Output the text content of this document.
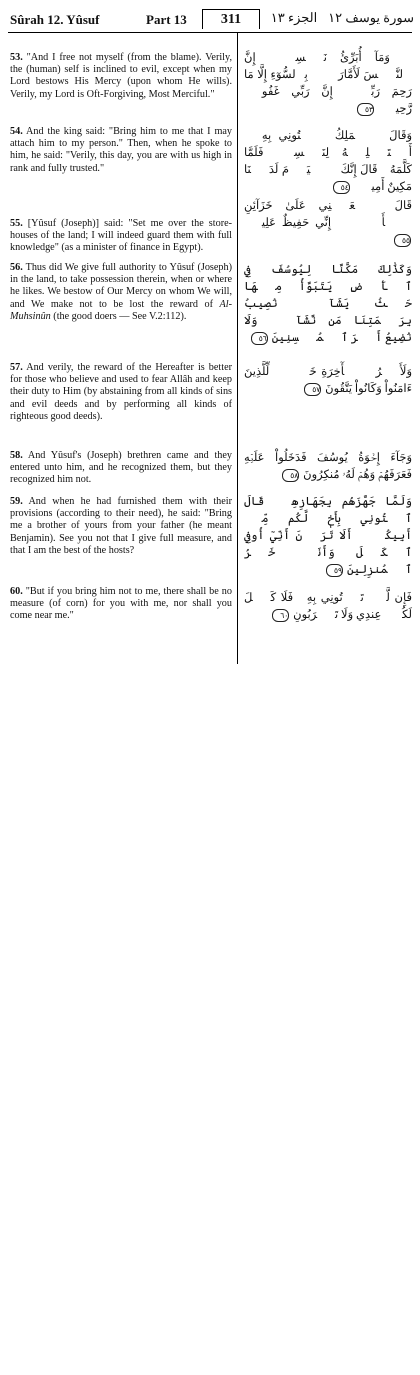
Sûrah 12. Yûsuf	Part 13	311	الجزء ١٣ سورة يوسف ١٢

53. "And I free not myself (from the blame). Verily, the (human) self is inclined to evil, except when my Lord bestows His Mercy (upon whom He wills). Verily, my Lord is Oft-Forgiving, Most Merciful."

54. And the king said: "Bring him to me that I may attach him to my person." Then, when he spoke to him, he said: "Verily, this day, you are with us high in rank and fully trusted."

55. [Yûsuf (Joseph)] said: "Set me over the store-houses of the land; I will indeed guard them with full knowledge" (as a minister of finance in Egypt).

56. Thus did We give full authority to Yûsuf (Joseph) in the land, to take possession therein, when or where he likes. We bestow of Our Mercy on whom We will, and We make not to be lost the reward of Al-Muhsinûn (the good doers — See V.2:112).

57. And verily, the reward of the Hereafter is better for those who believe and used to fear Allâh and keep their duty to Him (by abstaining from all kinds of sins and evil deeds and by performing all kinds of righteous good deeds).

58. And Yûsuf's (Joseph) brethren came and they entered unto him, and he recognized them, but they recognized him not.

59. And when he had furnished them with their provisions (according to their need), he said: "Bring me a brother of yours from your father (he meant Benjamin). See you not that I give full measure, and that I am the best of the hosts?

60. "But if you bring him not to me, there shall be no measure (of corn) for you with me, nor shall you come near me."

۞ وَمَآ أُبَرِّئُ نَفۡسِيٓۚ إِنَّ ٱلنَّفۡسَ لَأَمَّارَةُۢ بِٱلسُّوٓءِ إِلَّا مَا رَحِمَ رَبِّيٓۚ إِنَّ رَبِّي غَفُورٞ رَّحِيمٞ ٥٣

وَقَالَ ٱلۡمَلِكُ ٱئۡتُونِي بِهِۦٓ أَسۡتَخۡلِصۡهُ لِنَفۡسِيۖ فَلَمَّا كَلَّمَهُۥ قَالَ إِنَّكَ ٱلۡيَوۡمَ لَدَيۡنَا مَكِينٌ أَمِينٞ ٥٤

قَالَ ٱجۡعَلۡنِي عَلَىٰ خَزَآئِنِ ٱلۡأَرۡضِۖ إِنِّي حَفِيظٌ عَلِيمٞ ٥٥

وَكَذَٰلِكَ مَكَّنَّا لِيُوسُفَ فِي ٱلۡأَرۡضِ يَتَبَوَّأُ مِنۡهَا حَيۡثُ يَشَآءُۚ نُصِيبُ بِرَحۡمَتِنَا مَن نَّشَآءُۖ وَلَا نُضِيعُ أَجۡرَ ٱلۡمُحۡسِنِينَ ٥٦

وَلَأَجۡرُ ٱلۡأٓخِرَةِ خَيۡرٞ لِّلَّذِينَ ءَامَنُواْ وَكَانُواْ يَتَّقُونَ ٥٧

وَجَآءَ إِخۡوَةُ يُوسُفَ فَدَخَلُواْ عَلَيۡهِ فَعَرَفَهُمۡ وَهُمۡ لَهُۥ مُنكِرُونَ ٥٨

وَلَمَّا جَهَّزَهُم بِجَهَازِهِمۡ قَالَ ٱئۡتُونِي بِأَخٖ لَّكُم مِّنۡ أَبِيكُمۡۚ أَلَا تَرَوۡنَ أَنِّيٓ أُوفِي ٱلۡكَيۡلَ وَأَنَا۠ خَيۡرُ ٱلۡمُنزِلِينَ ٥٩

فَإِن لَّمۡ تَأۡتُونِي بِهِۦ فَلَا كَيۡلَ لَكُمۡ عِندِي وَلَا تَقۡرَبُونِ ٦٠
